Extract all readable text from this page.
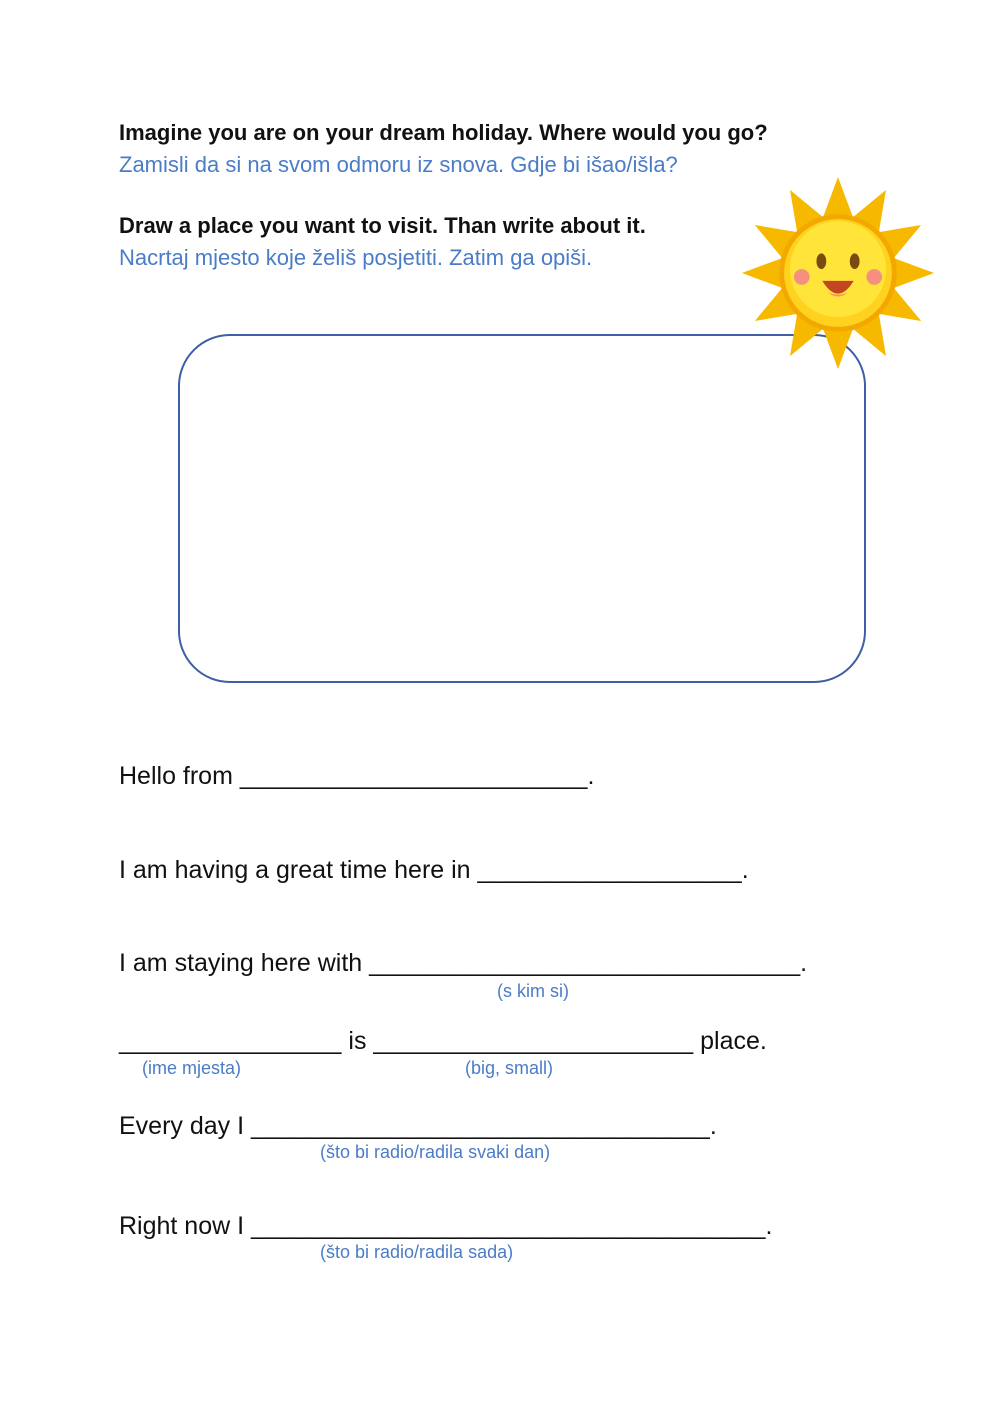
Imagine you are on your dream holiday. Where would you go?
Zamisli da si na svom odmoru iz snova. Gdje bi išao/išla?
Draw a place you want to visit. Than write about it.
Nacrtaj mjesto koje želiš posjetiti. Zatim ga opiši.
Hello from _________________________.
I am having a great time here in ___________________.
I am staying here with _______________________________.
(s kim si)
________________ is _______________________ place.
(ime mjesta)	(big, small)
Every day I _________________________________.
(što bi radio/radila svaki dan)
Right now I _____________________________________.
(što bi radio/radila sada)
